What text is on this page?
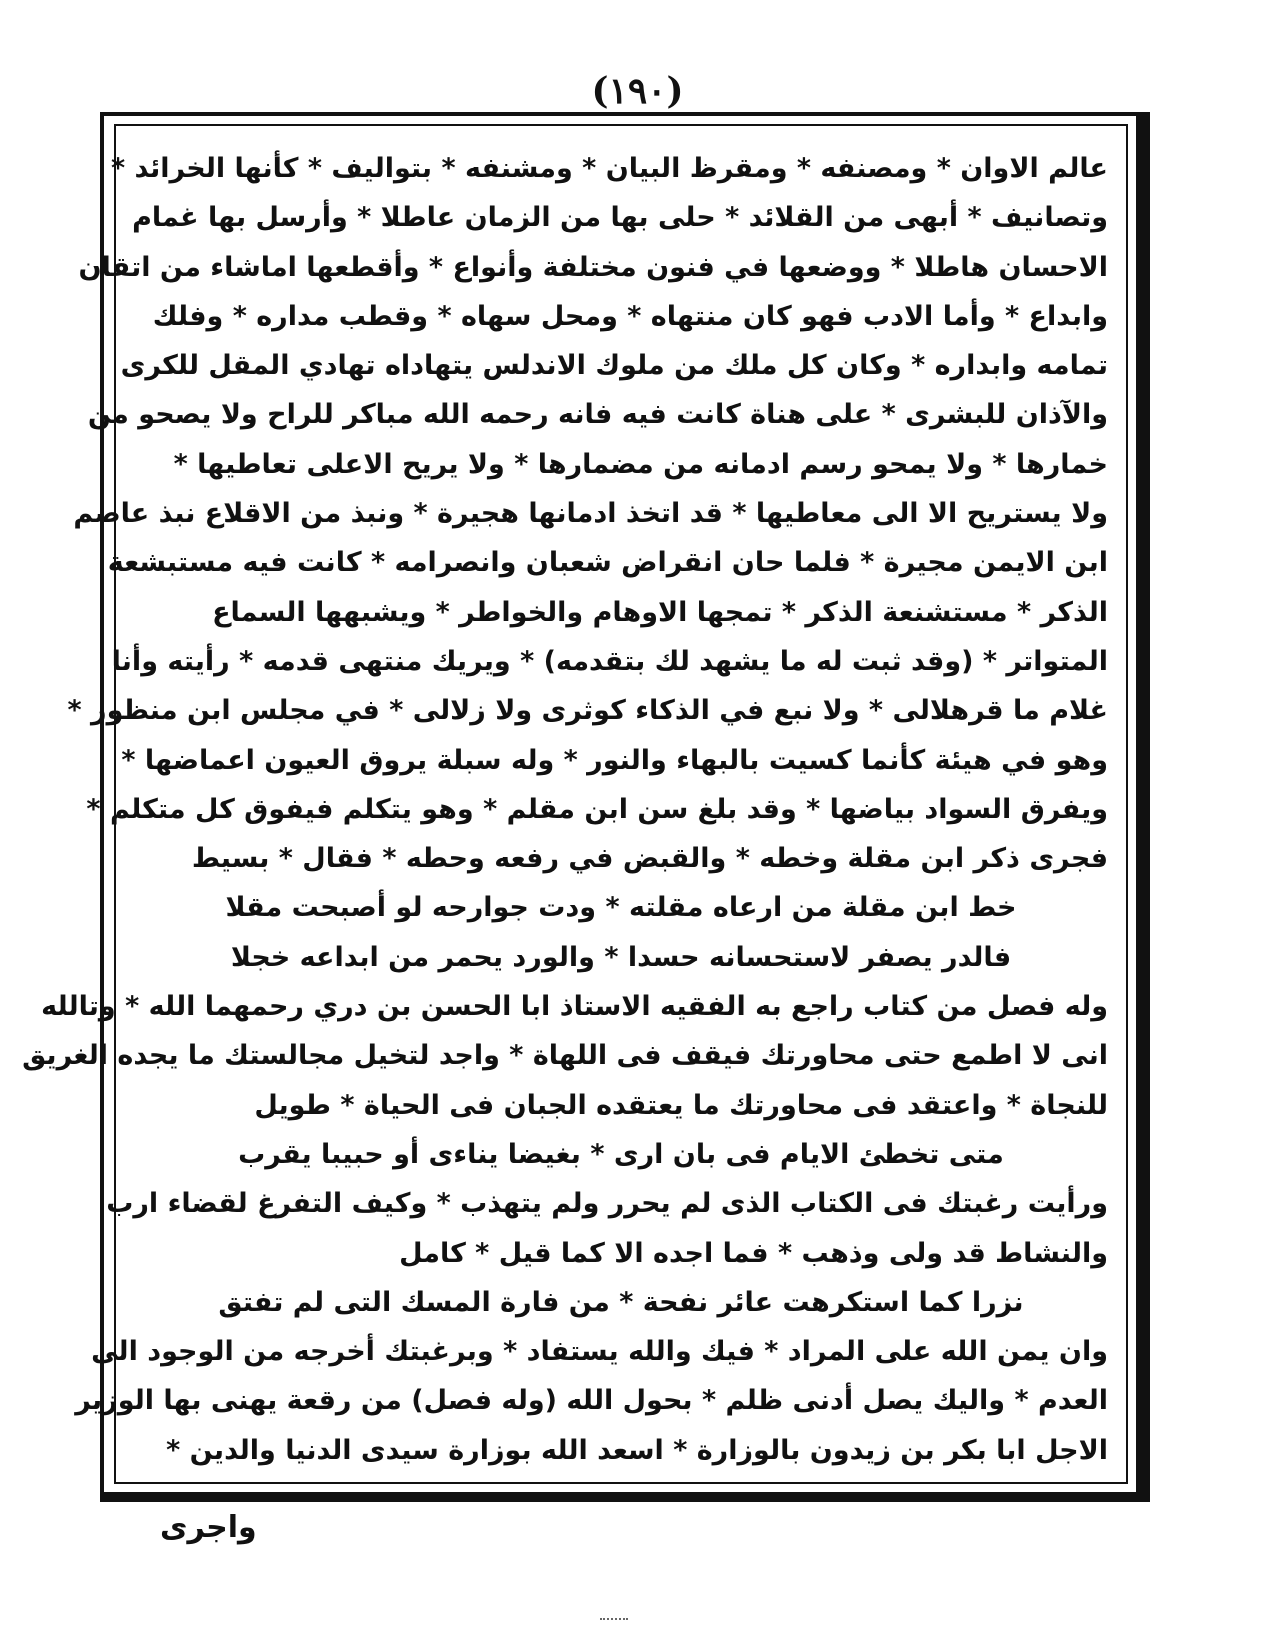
(١٩٠)
عالم الاوان * ومصنفه * ومقرظ البيان * ومشنفه * بتواليف * كأنها الخرائد *
وتصانيف * أبهى من القلائد * حلى بها من الزمان عاطلا * وأرسل بها غمام
الاحسان هاطلا * ووضعها في فنون مختلفة وأنواع * وأقطعها اماشاء من اتقان
وابداع * وأما الادب فهو كان منتهاه * ومحل سهاه * وقطب مداره * وفلك
تمامه وابداره * وكان كل ملك من ملوك الاندلس يتهاداه تهادي المقل للكرى
والآذان للبشرى * على هناة كانت فيه فانه رحمه الله مباكر للراح ولا يصحو من
خمارها * ولا يمحو رسم ادمانه من مضمارها * ولا يريح الاعلى تعاطيها *
ولا يستريح الا الى معاطيها * قد اتخذ ادمانها هجيرة * ونبذ من الاقلاع نبذ عاصم
ابن الايمن مجيرة * فلما حان انقراض شعبان وانصرامه * كانت فيه مستبشعة
الذكر * مستشنعة الذكر * تمجها الاوهام والخواطر * ويشبهها السماع
المتواتر * (وقد ثبت له ما يشهد لك بتقدمه) * ويريك منتهى قدمه * رأيته وأنا
غلام ما قرهلالى * ولا نبع في الذكاء كوثرى ولا زلالى * في مجلس ابن منظور *
وهو في هيئة كأنما كسيت بالبهاء والنور * وله سبلة يروق العيون اعماضها *
ويفرق السواد بياضها * وقد بلغ سن ابن مقلم * وهو يتكلم فيفوق كل متكلم *
فجرى ذكر ابن مقلة وخطه * والقبض في رفعه وحطه * فقال * بسيط
خط ابن مقلة من ارعاه مقلته * ودت جوارحه لو أصبحت مقلا
فالدر يصفر لاستحسانه حسدا * والورد يحمر من ابداعه خجلا
وله فصل من كتاب راجع به الفقيه الاستاذ ابا الحسن بن دري رحمهما الله * وتالله
انى لا اطمع حتى محاورتك فيقف فى اللهاة * واجد لتخيل مجالستك ما يجده الغريق
للنجاة * واعتقد فى محاورتك ما يعتقده الجبان فى الحياة * طويل
متى تخطئ الايام فى بان ارى * بغيضا يناءى أو حبيبا يقرب
ورأيت رغبتك فى الكتاب الذى لم يحرر ولم يتهذب * وكيف التفرغ لقضاء ارب
والنشاط قد ولى وذهب * فما اجده الا كما قيل * كامل
نزرا كما استكرهت عائر نفحة * من فارة المسك التى لم تفتق
وان يمن الله على المراد * فيك والله يستفاد * وبرغبتك أخرجه من الوجود الى
العدم * واليك يصل أدنى ظلم * بحول الله (وله فصل) من رقعة يهنى بها الوزير
الاجل ابا بكر بن زيدون بالوزارة * اسعد الله بوزارة سيدى الدنيا والدين *
واجرى
